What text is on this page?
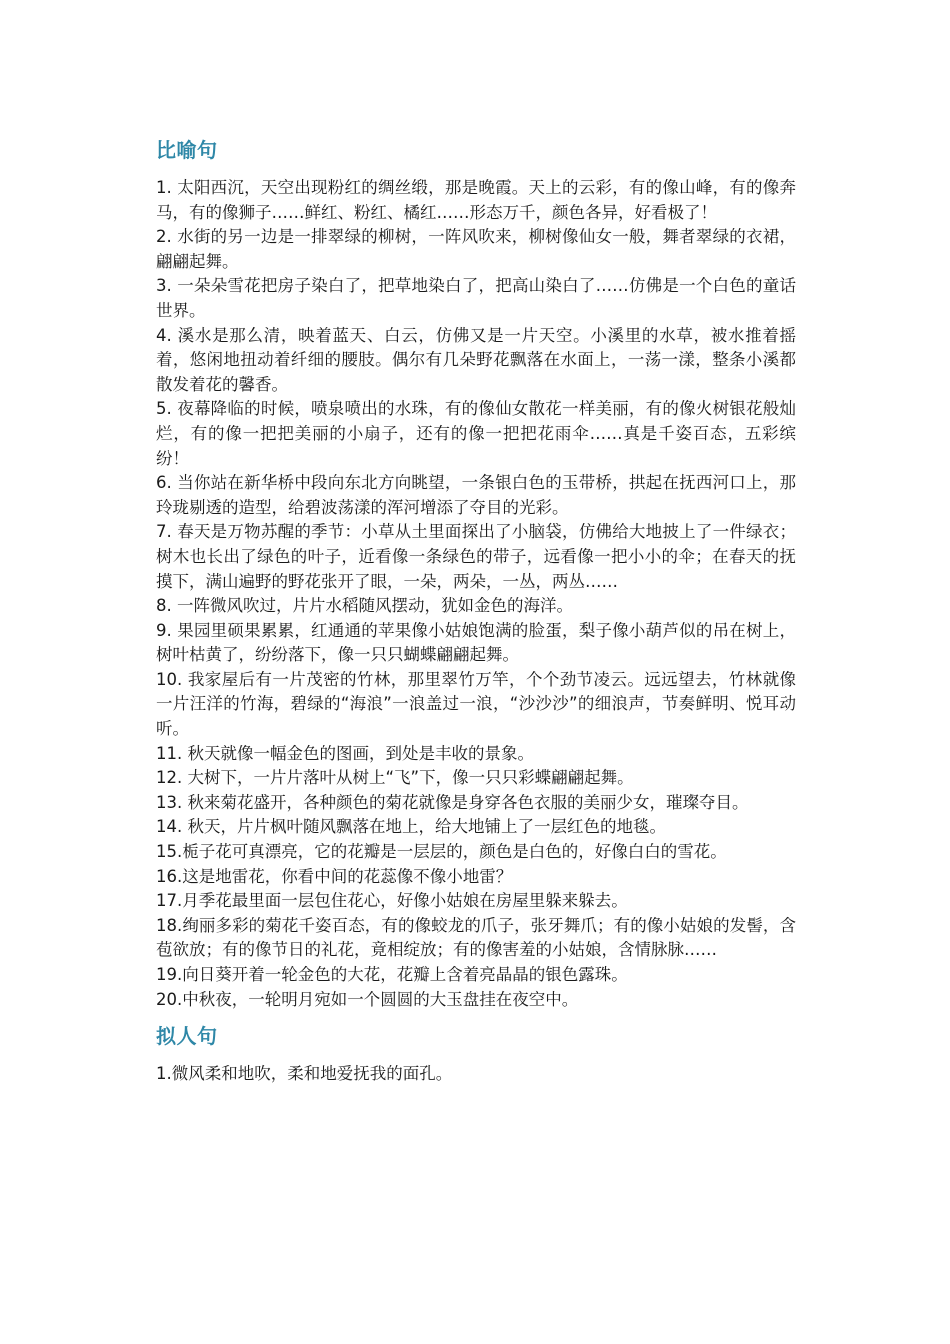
比喻句
1. 太阳西沉，天空出现粉红的绸丝缎，那是晚霞。天上的云彩，有的像山峰，有的像奔马，有的像狮子……鲜红、粉红、橘红……形态万千，颜色各异，好看极了！
2. 水街的另一边是一排翠绿的柳树，一阵风吹来，柳树像仙女一般，舞者翠绿的衣裙，翩翩起舞。
3. 一朵朵雪花把房子染白了，把草地染白了，把高山染白了……仿佛是一个白色的童话世界。
4. 溪水是那么清，映着蓝天、白云，仿佛又是一片天空。小溪里的水草，被水推着摇着，悠闲地扭动着纤细的腰肢。偶尔有几朵野花飘落在水面上，一荡一漾，整条小溪都散发着花的馨香。
5. 夜幕降临的时候，喷泉喷出的水珠，有的像仙女散花一样美丽，有的像火树银花般灿烂，有的像一把把美丽的小扇子，还有的像一把把花雨伞……真是千姿百态，五彩缤纷！
6. 当你站在新华桥中段向东北方向眺望，一条银白色的玉带桥，拱起在抚西河口上，那玲珑剔透的造型，给碧波荡漾的浑河增添了夺目的光彩。
7. 春天是万物苏醒的季节：小草从土里面探出了小脑袋，仿佛给大地披上了一件绿衣；树木也长出了绿色的叶子，近看像一条绿色的带子，远看像一把小小的伞；在春天的抚摸下，满山遍野的野花张开了眼，一朵，两朵，一丛，两丛……
8. 一阵微风吹过，片片水稻随风摆动，犹如金色的海洋。
9. 果园里硕果累累，红通通的苹果像小姑娘饱满的脸蛋，梨子像小葫芦似的吊在树上，树叶枯黄了，纷纷落下，像一只只蝴蝶翩翩起舞。
10. 我家屋后有一片茂密的竹林，那里翠竹万竿，个个劲节凌云。远远望去，竹林就像一片汪洋的竹海，碧绿的“海浪”一浪盖过一浪，“沙沙沙”的细浪声，节奏鲜明、悦耳动听。
11. 秋天就像一幅金色的图画，到处是丰收的景象。
12. 大树下，一片片落叶从树上“飞”下，像一只只彩蝶翩翩起舞。
13. 秋来菊花盛开，各种颜色的菊花就像是身穿各色衣服的美丽少女，璀璨夺目。
14. 秋天，片片枫叶随风飘落在地上，给大地铺上了一层红色的地毯。
15.栀子花可真漂亮，它的花瓣是一层层的，颜色是白色的，好像白白的雪花。
16.这是地雷花，你看中间的花蕊像不像小地雷？
17.月季花最里面一层包住花心，好像小姑娘在房屋里躲来躲去。
18.绚丽多彩的菊花千姿百态，有的像蛟龙的爪子，张牙舞爪；有的像小姑娘的发髻，含苞欲放；有的像节日的礼花，竟相绽放；有的像害羞的小姑娘，含情脉脉……
19.向日葵开着一轮金色的大花，花瓣上含着亮晶晶的银色露珠。
20.中秋夜，一轮明月宛如一个圆圆的大玉盘挂在夜空中。
拟人句
1.微风柔和地吹，柔和地爱抚我的面孔。
